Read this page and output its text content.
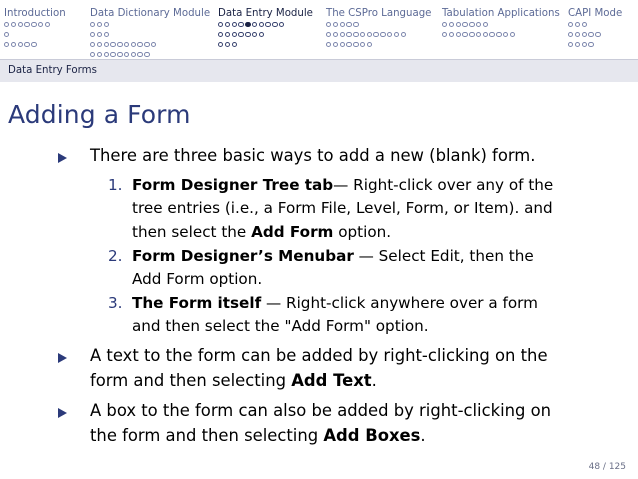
Introduction Data Dictionary Module Data Entry Module The CSPro Language Tabulation Applications CAPI Mode
Data Entry Forms
Adding a Form
There are three basic ways to add a new (blank) form.
1. Form Designer Tree tab— Right-click over any of the
tree entries (i.e., a Form File, Level, Form, or Item). and
then select the Add Form option.
2. Form Designer’s Menubar — Select Edit, then the
Add Form option.
3. The Form itself — Right-click anywhere over a form
and then select the "Add Form" option.
A text to the form can be added by right-clicking on the
form and then selecting Add Text.
A box to the form can also be added by right-clicking on
the form and then selecting Add Boxes.
48 / 125
